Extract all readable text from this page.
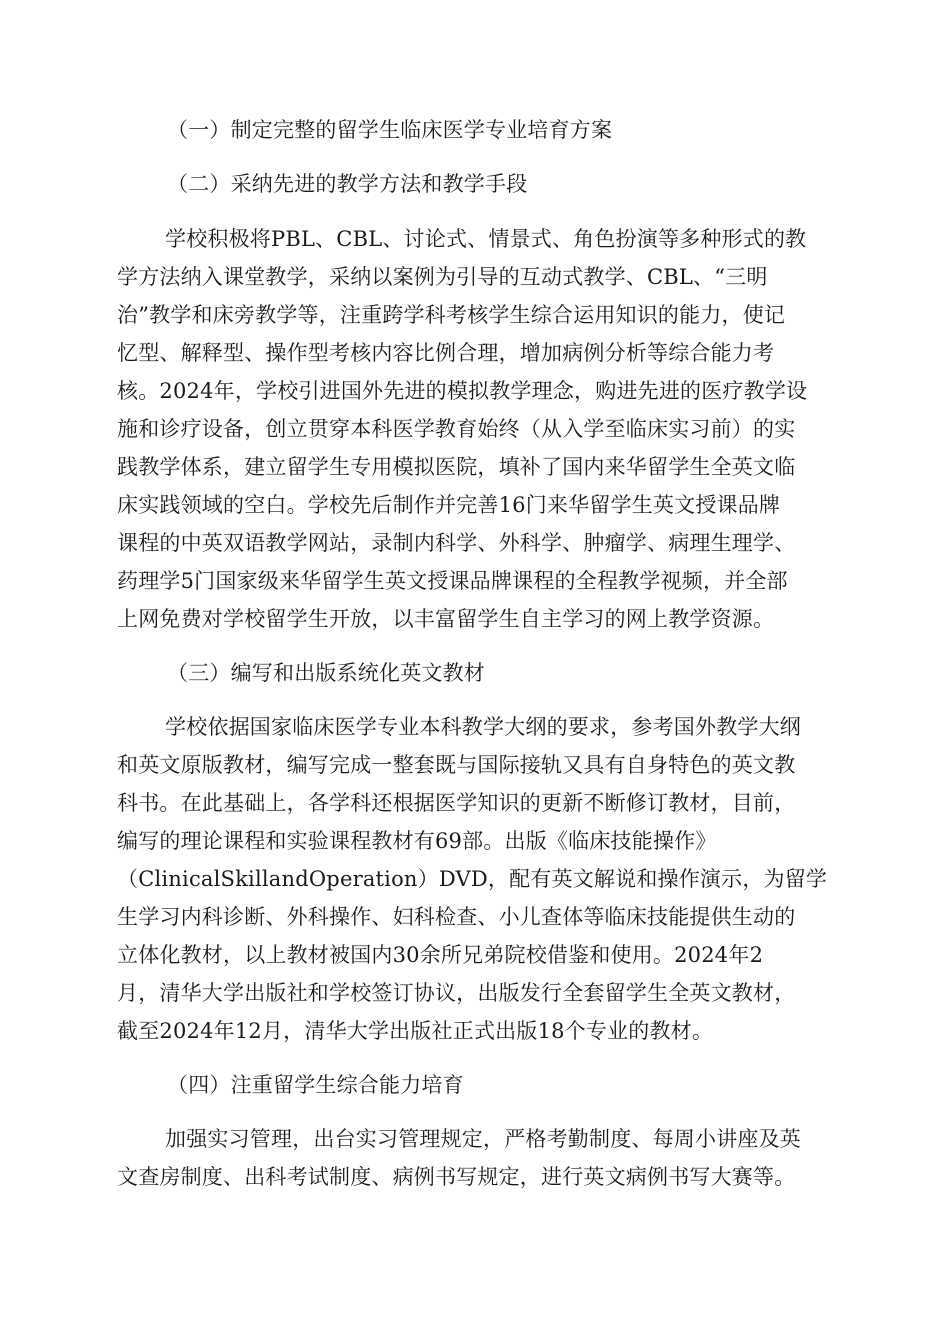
（一）制定完整的留学生临床医学专业培育方案
（二）采纳先进的教学方法和教学手段
学校积极将PBL、CBL、讨论式、情景式、角色扮演等多种形式的教
学方法纳入课堂教学，采纳以案例为引导的互动式教学、CBL、“三明
治”教学和床旁教学等，注重跨学科考核学生综合运用知识的能力，使记
忆型、解释型、操作型考核内容比例合理，增加病例分析等综合能力考
核。2024年，学校引进国外先进的模拟教学理念，购进先进的医疗教学设
施和诊疗设备，创立贯穿本科医学教育始终（从入学至临床实习前）的实
践教学体系，建立留学生专用模拟医院，填补了国内来华留学生全英文临
床实践领域的空白。学校先后制作并完善16门来华留学生英文授课品牌
课程的中英双语教学网站，录制内科学、外科学、肿瘤学、病理生理学、
药理学5门国家级来华留学生英文授课品牌课程的全程教学视频，并全部
上网免费对学校留学生开放，以丰富留学生自主学习的网上教学资源。
（三）编写和出版系统化英文教材
学校依据国家临床医学专业本科教学大纲的要求，参考国外教学大纲
和英文原版教材，编写完成一整套既与国际接轨又具有自身特色的英文教
科书。在此基础上，各学科还根据医学知识的更新不断修订教材，目前，
编写的理论课程和实验课程教材有69部。出版《临床技能操作》
（ClinicalSkillandOperation）DVD，配有英文解说和操作演示，为留学
生学习内科诊断、外科操作、妇科检查、小儿查体等临床技能提供生动的
立体化教材，以上教材被国内30余所兄弟院校借鉴和使用。2024年2
月，清华大学出版社和学校签订协议，出版发行全套留学生全英文教材，
截至2024年12月，清华大学出版社正式出版18个专业的教材。
（四）注重留学生综合能力培育
加强实习管理，出台实习管理规定，严格考勤制度、每周小讲座及英
文查房制度、出科考试制度、病例书写规定，进行英文病例书写大赛等。
